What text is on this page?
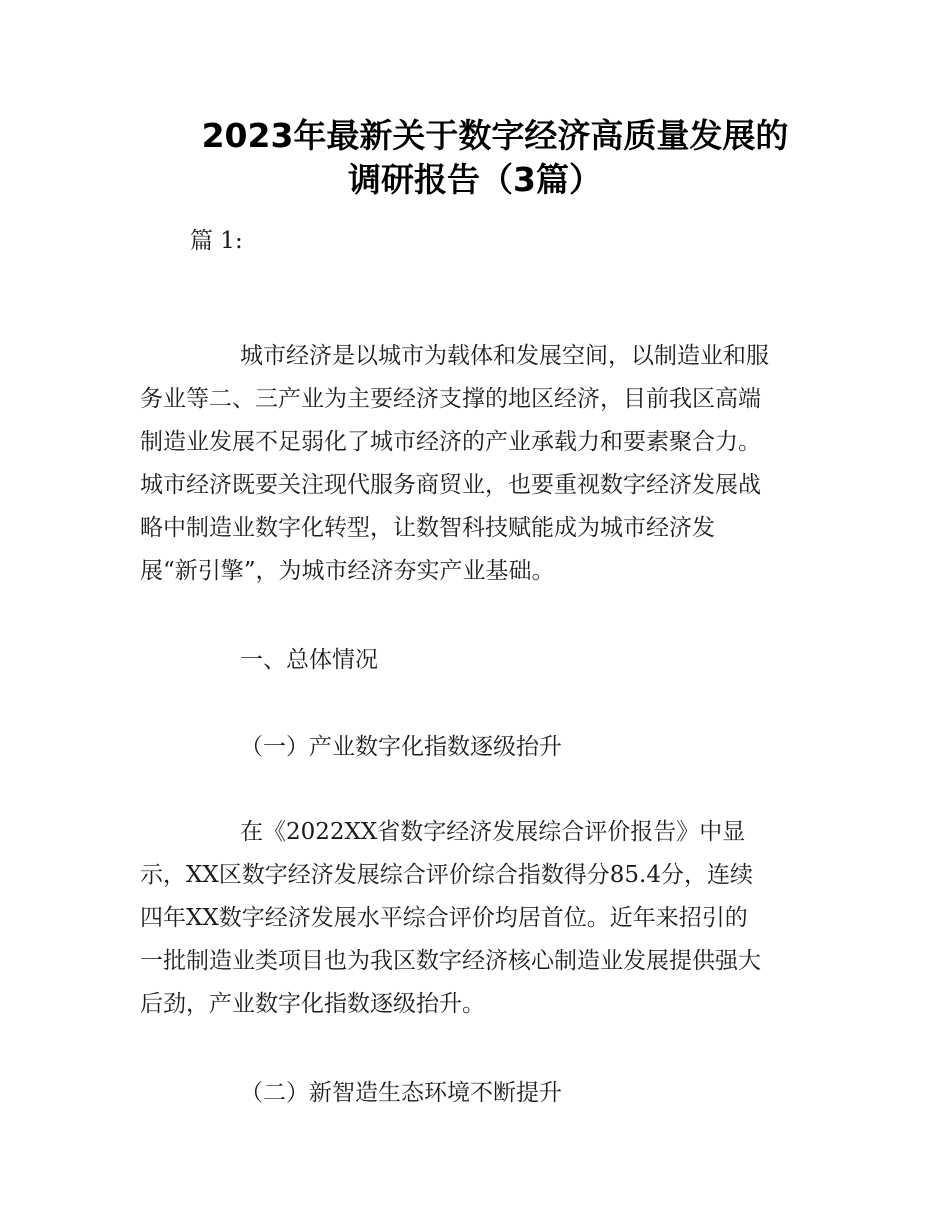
2023年最新关于数字经济高质量发展的
调研报告（3篇）

篇 1:

城市经济是以城市为载体和发展空间，以制造业和服

务业等二、三产业为主要经济支撑的地区经济，目前我区高端

制造业发展不足弱化了城市经济的产业承载力和要素聚合力。

城市经济既要关注现代服务商贸业，也要重视数字经济发展战

略中制造业数字化转型，让数智科技赋能成为城市经济发

展“新引擎”，为城市经济夯实产业基础。

一、总体情况

（一）产业数字化指数逐级抬升

在《2022XX省数字经济发展综合评价报告》中显

示，XX区数字经济发展综合评价综合指数得分85.4分，连续

四年XX数字经济发展水平综合评价均居首位。近年来招引的

一批制造业类项目也为我区数字经济核心制造业发展提供强大

后劲，产业数字化指数逐级抬升。

（二）新智造生态环境不断提升
